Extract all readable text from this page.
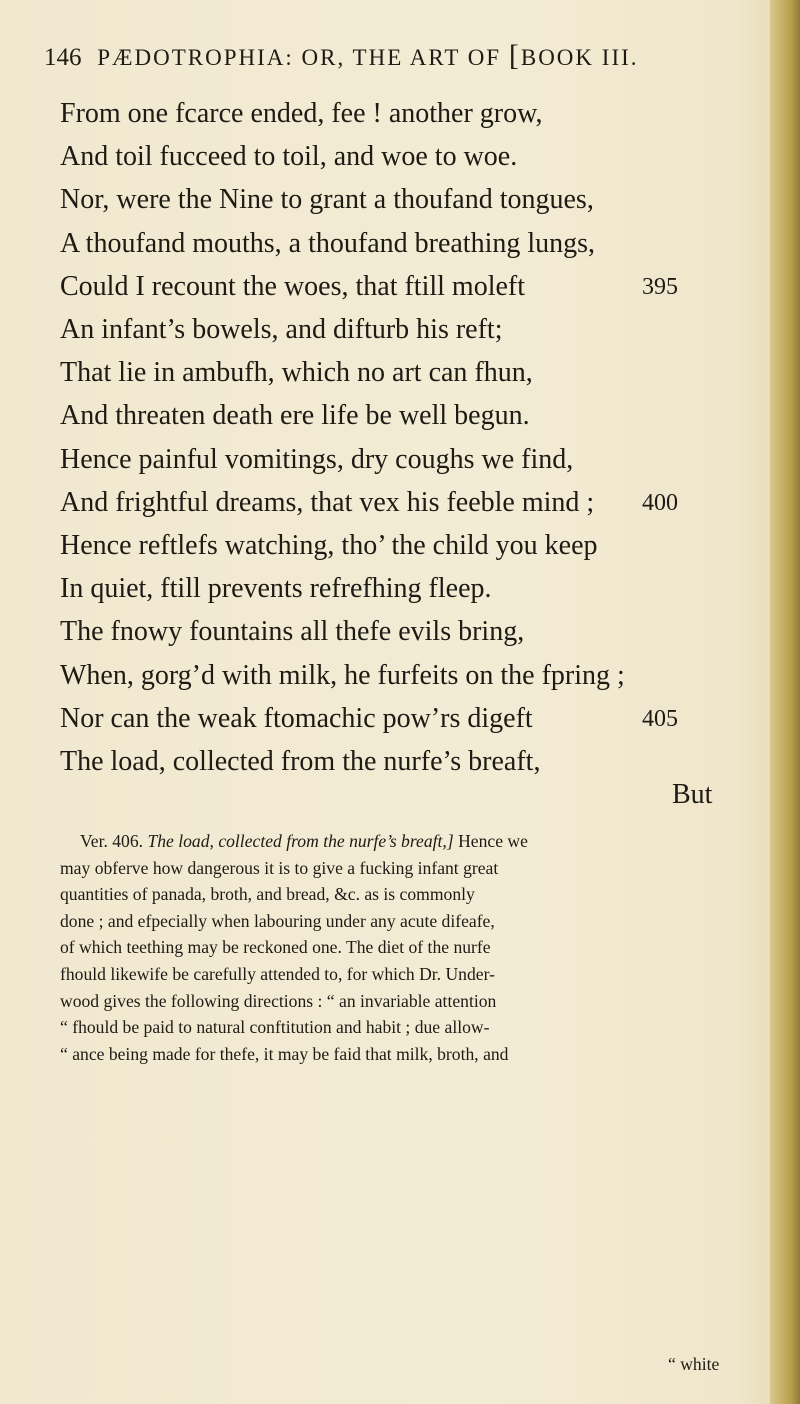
146 PÆDOTROPHIA: OR, THE ART OF [BOOK III.
From one fcarce ended, fee ! another grow,
And toil fucceed to toil, and woe to woe.
Nor, were the Nine to grant a thoufand tongues,
A thoufand mouths, a thoufand breathing lungs,
Could I recount the woes, that ftill moleft	395
An infant’s bowels, and difturb his reft;
That lie in ambufh, which no art can fhun,
And threaten death ere life be well begun.
Hence painful vomitings, dry coughs we find,
And frightful dreams, that vex his feeble mind ; 400
Hence reftlefs watching, tho’ the child you keep
In quiet, ftill prevents refrefhing fleep.
The fnowy fountains all thefe evils bring,
When, gorg’d with milk, he furfeits on the fpring ;
Nor can the weak ftomachic pow’rs digeft	405
The load, collected from the nurfe’s breaft,
But
Ver. 406. The load, collected from the nurfe’s breaft,] Hence we
may obferve how dangerous it is to give a fucking infant great
quantities of panada, broth, and bread, &c. as is commonly
done ; and efpecially when labouring under any acute difeafe,
of which teething may be reckoned one. The diet of the nurfe
fhould likewife be carefully attended to, for which Dr. Under-
wood gives the following directions : “ an invariable attention
“ fhould be paid to natural conftitution and habit ; due allow-
“ ance being made for thefe, it may be faid that milk, broth, and
“ white
